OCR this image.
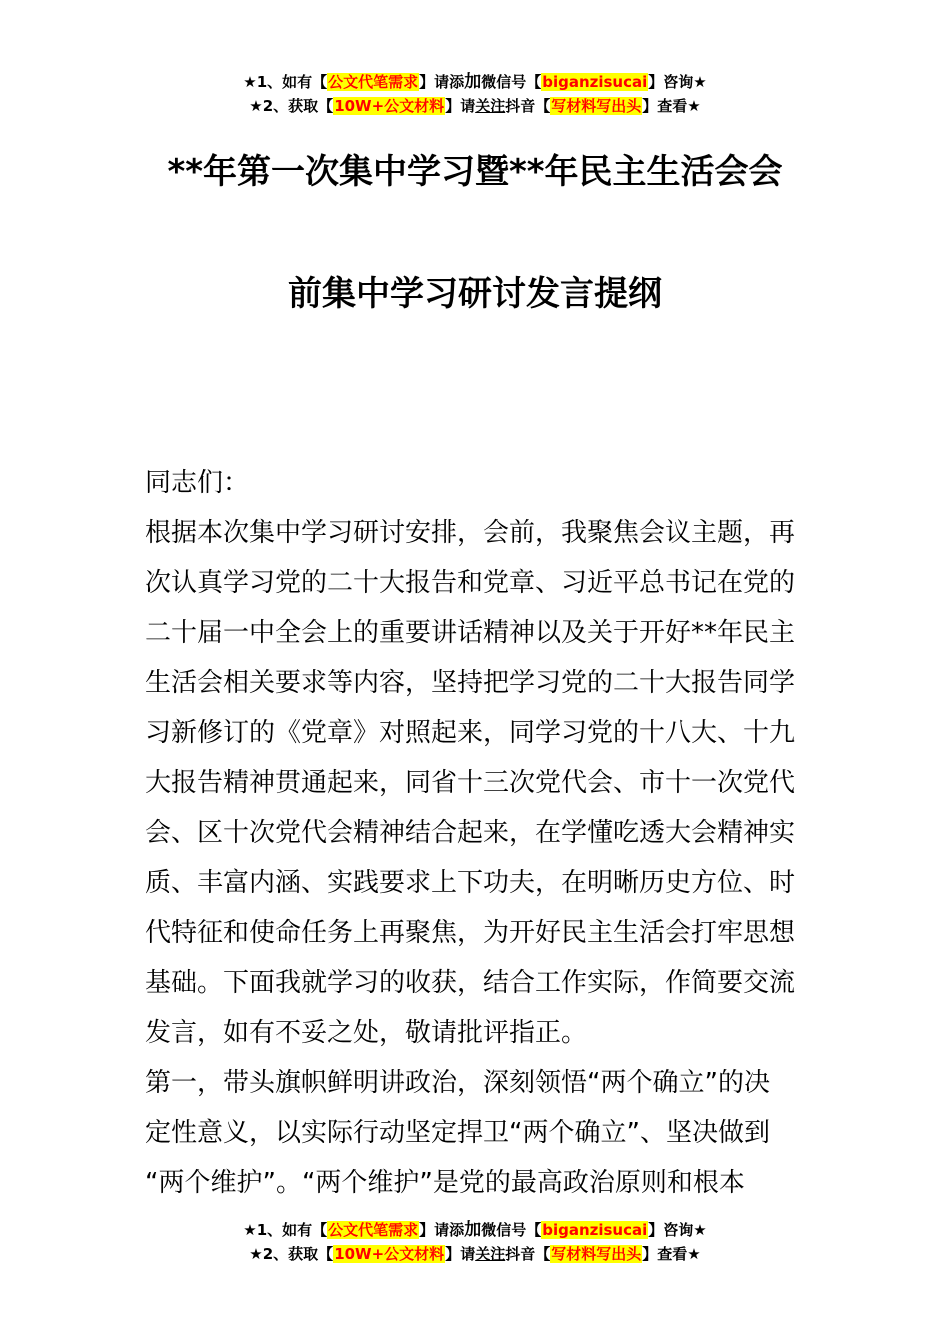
★1、如有【公文代笔需求】请添加微信号【biganzisucai】咨询★
★2、获取【10W+公文材料】请关注抖音【写材料写出头】查看★
**年第一次集中学习暨**年民主生活会会
前集中学习研讨发言提纲

同志们：

根据本次集中学习研讨安排，会前，我聚焦会议主题，再

次认真学习党的二十大报告和党章、习近平总书记在党的

二十届一中全会上的重要讲话精神以及关于开好**年民主

生活会相关要求等内容，坚持把学习党的二十大报告同学

习新修订的《党章》对照起来，同学习党的十八大、十九

大报告精神贯通起来，同省十三次党代会、市十一次党代

会、区十次党代会精神结合起来，在学懂吃透大会精神实

质、丰富内涵、实践要求上下功夫，在明晰历史方位、时

代特征和使命任务上再聚焦，为开好民主生活会打牢思想

基础。下面我就学习的收获，结合工作实际，作简要交流

发言，如有不妥之处，敬请批评指正。

第一，带头旗帜鲜明讲政治，深刻领悟“两个确立”的决

定性意义，以实际行动坚定捍卫“两个确立”、坚决做到

“两个维护”。“两个维护”是党的最高政治原则和根本

★1、如有【公文代笔需求】请添加微信号【biganzisucai】咨询★
★2、获取【10W+公文材料】请关注抖音【写材料写出头】查看★
